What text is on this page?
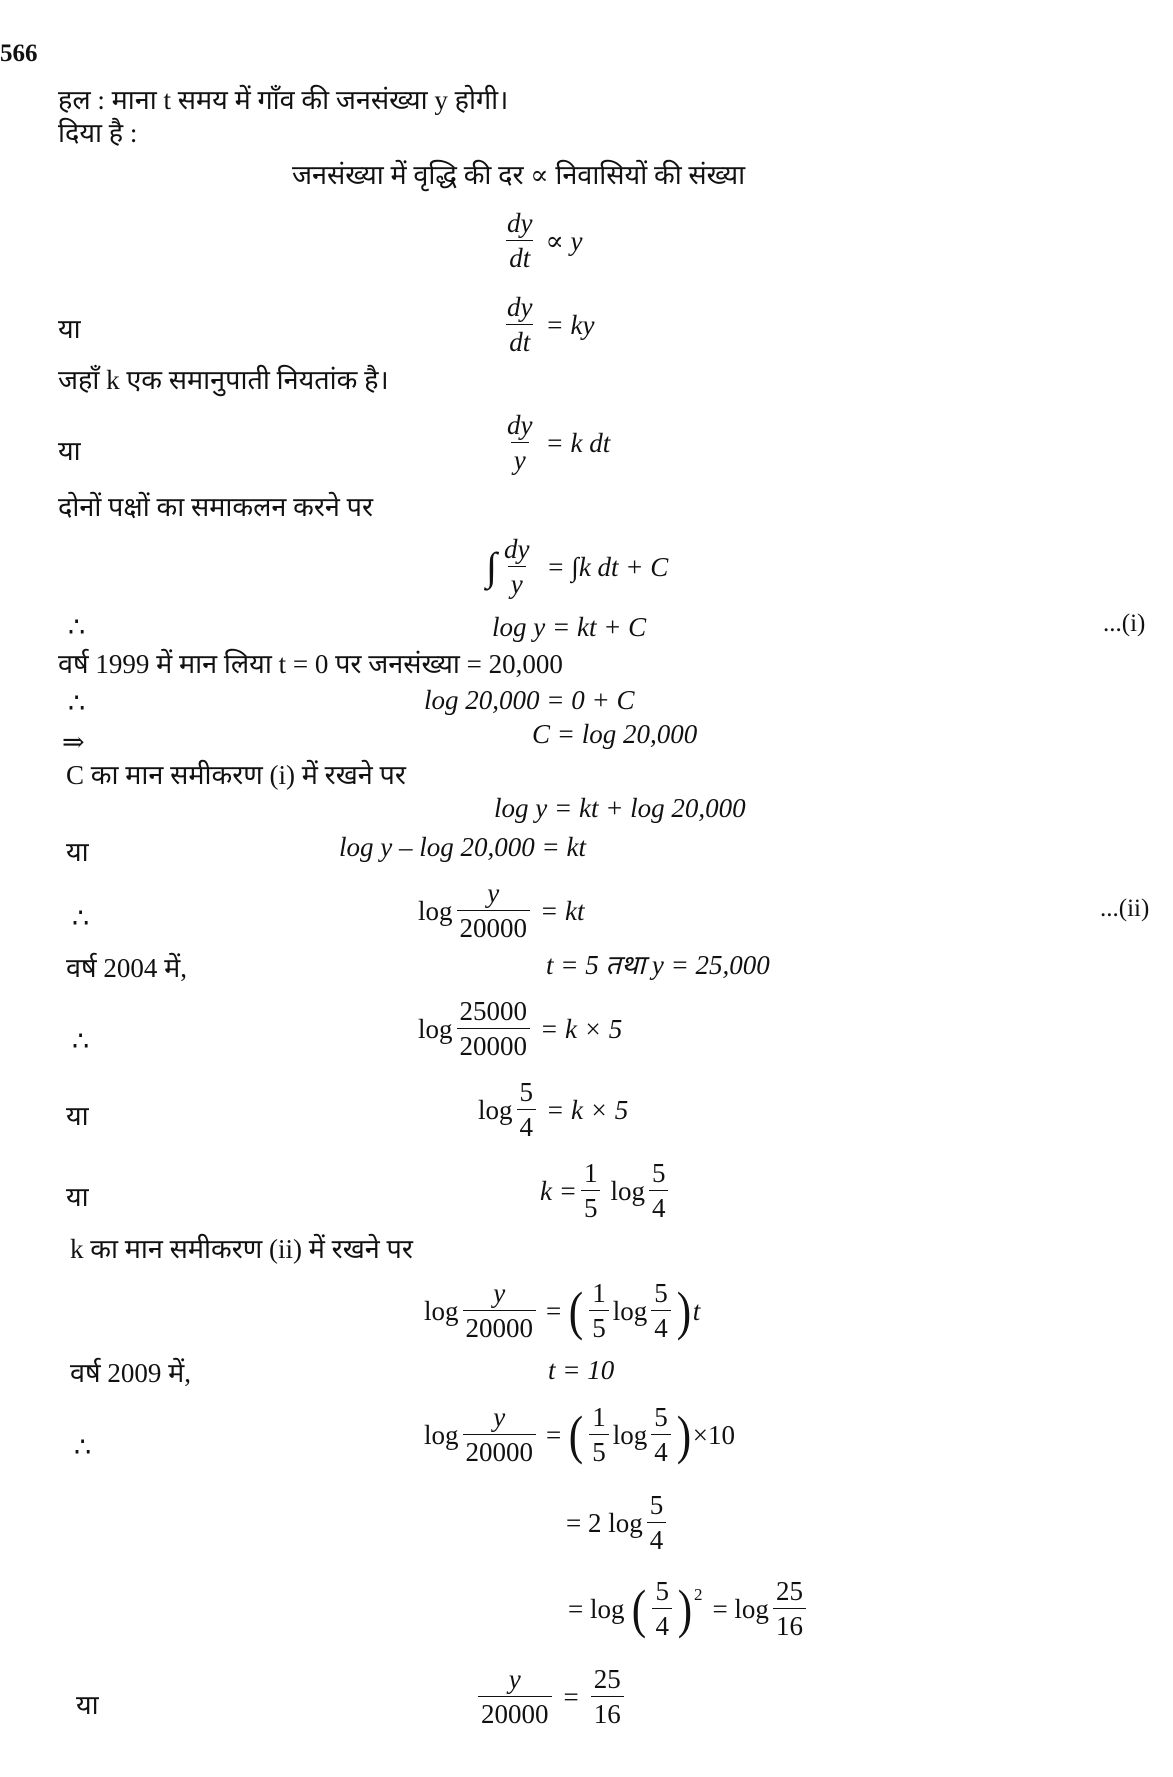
566
हल : माना t समय में गाँव की जनसंख्या y होगी।
दिया है :
जनसंख्या में वृद्धि की दर ∝ निवासियों की संख्या
$\frac{dy}{dt} \propto y$
या	$\frac{dy}{dt}$ = ky
जहाँ k एक समानुपाती नियतांक है।
या	$\frac{dy}{y} = k$ dt
दोनों पक्षों का समाकलन करने पर
∫ $\frac{dy}{y} = \int k$ dt + C
∴	log y = kt + C	...(i)
वर्ष 1999 में मान लिया t = 0 पर जनसंख्या = 20,000
∴	log 20,000 = 0 + C
⇒	C = log 20,000
C का मान समीकरण (i) में रखने पर
log y = kt + log 20,000
या	log y – log 20,000 = kt
∴	$\log \frac{y}{20000}$ = kt	...(ii)
वर्ष 2004 में,	t = 5 तथा y = 25,000
∴	$\log \frac{25000}{20000} = k \times 5$
या	$\log \frac{5}{4} = k \times 5$
या	$k = \frac{1}{5}$ $\log \frac{5}{4}$
k का मान समीकरण (ii) में रखने पर
$\log \frac{y}{20000}$ = ( $\frac{1}{5}$ $\log \frac{5}{4}$ ) t
वर्ष 2009 में,	t = 10
∴	$\log \frac{y}{20000}$ = ( $\frac{1}{5}$ $\log \frac{5}{4}$ ) ×10
= 2 $\log \frac{5}{4}$
= log ( $\frac{5}{4} )^2 = \log \frac{25}{16}$
या	$\frac{y}{20000} = \frac{25}{16}$
